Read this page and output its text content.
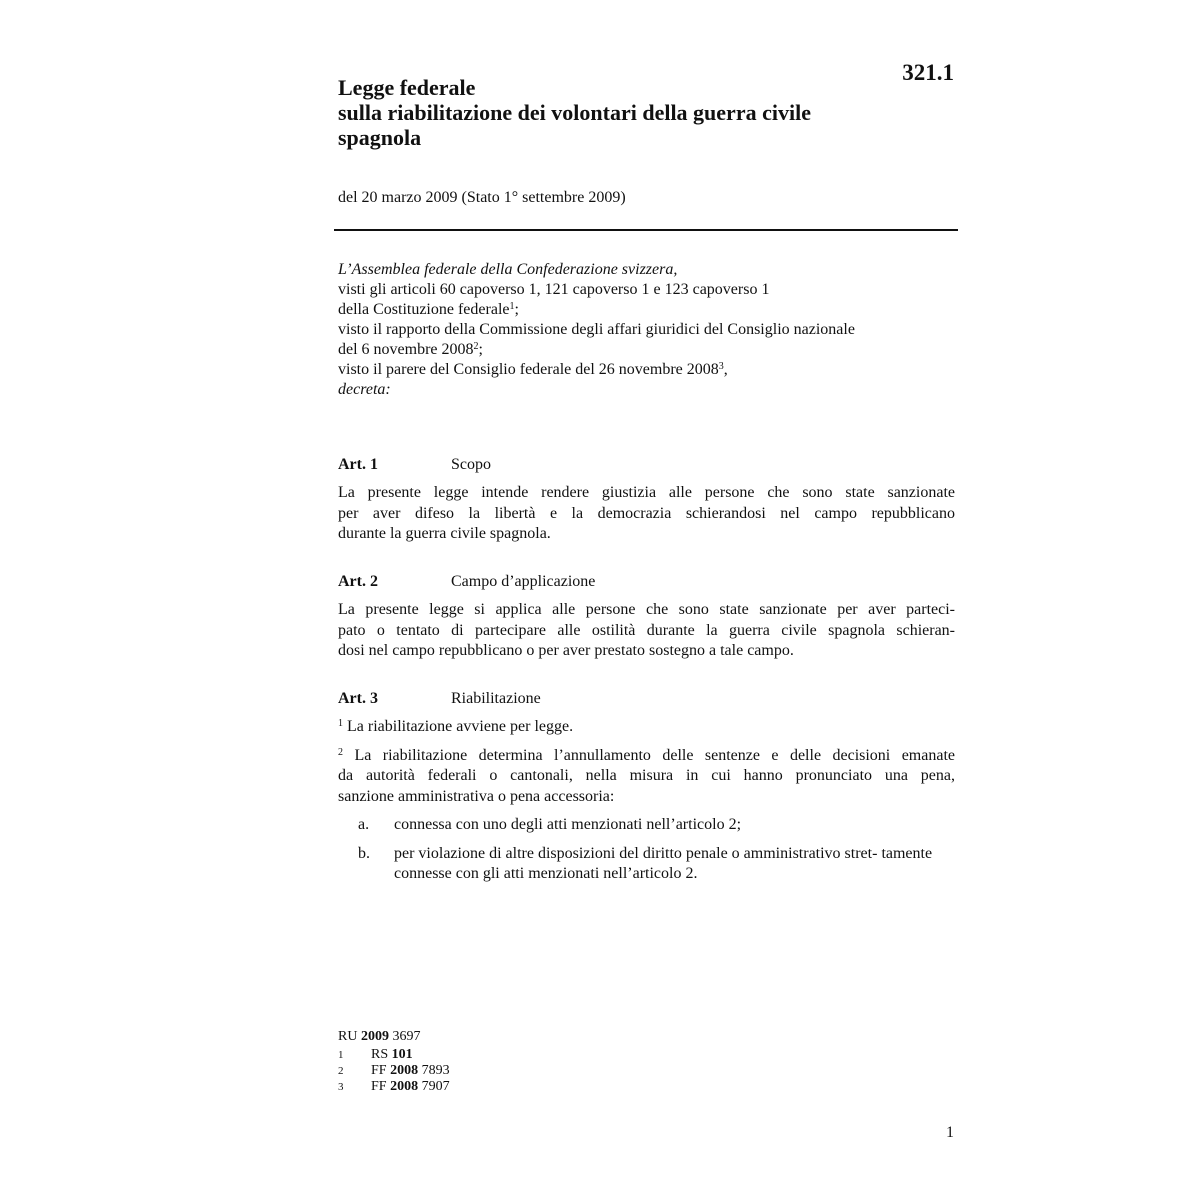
321.1
Legge federale
sulla riabilitazione dei volontari della guerra civile
spagnola
del 20 marzo 2009 (Stato 1° settembre 2009)
L’Assemblea federale della Confederazione svizzera,
visti gli articoli 60 capoverso 1, 121 capoverso 1 e 123 capoverso 1
della Costituzione federale$^1$;
visto il rapporto della Commissione degli affari giuridici del Consiglio nazionale
del 6 novembre 2008$^2$;
visto il parere del Consiglio federale del 26 novembre 2008$^3$,
decreta:
Art. 1	Scopo
La presente legge intende rendere giustizia alle persone che sono state sanzionate
per aver difeso la libertà e la democrazia schierandosi nel campo repubblicano
durante la guerra civile spagnola.
Art. 2	Campo d’applicazione
La presente legge si applica alle persone che sono state sanzionate per aver parteci-
pato o tentato di partecipare alle ostilità durante la guerra civile spagnola schieran-
dosi nel campo repubblicano o per aver prestato sostegno a tale campo.
Art. 3	Riabilitazione
$^1$ La riabilitazione avviene per legge.
$^2$ La riabilitazione determina l’annullamento delle sentenze e delle decisioni emanate
da autorità federali o cantonali, nella misura in cui hanno pronunciato una pena,
sanzione amministrativa o pena accessoria:
a.	connessa con uno degli atti menzionati nell’articolo 2;
b.	per violazione di altre disposizioni del diritto penale o amministrativo stret- tamente connesse con gli atti menzionati nell’articolo 2.
RU 2009 3697
1	RS 101
2	FF 2008 7893
3	FF 2008 7907
1
